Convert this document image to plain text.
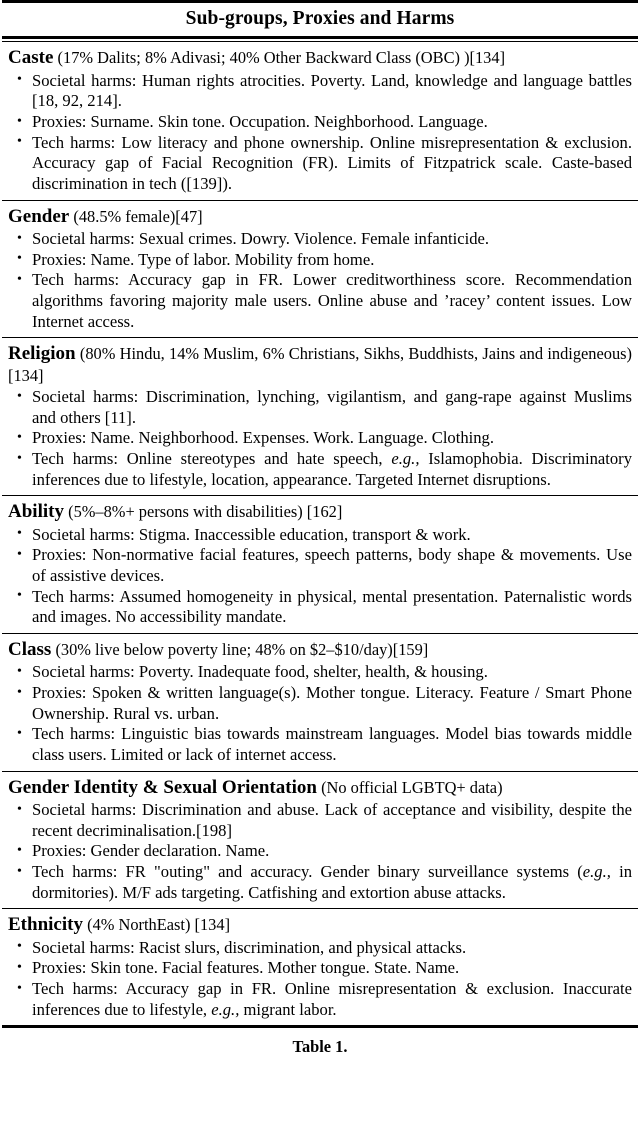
Sub-groups, Proxies and Harms
Caste (17% Dalits; 8% Adivasi; 40% Other Backward Class (OBC) )[134]
• Societal harms: Human rights atrocities. Poverty. Land, knowledge and language battles [18, 92, 214].
• Proxies: Surname. Skin tone. Occupation. Neighborhood. Language.
• Tech harms: Low literacy and phone ownership. Online misrepresentation & exclusion. Accuracy gap of Facial Recognition (FR). Limits of Fitzpatrick scale. Caste-based discrimination in tech ([139]).
Gender (48.5% female)[47]
• Societal harms: Sexual crimes. Dowry. Violence. Female infanticide.
• Proxies: Name. Type of labor. Mobility from home.
• Tech harms: Accuracy gap in FR. Lower creditworthiness score. Recommendation algorithms favoring majority male users. Online abuse and ’racey’ content issues. Low Internet access.
Religion (80% Hindu, 14% Muslim, 6% Christians, Sikhs, Buddhists, Jains and indigeneous) [134]
• Societal harms: Discrimination, lynching, vigilantism, and gang-rape against Muslims and others [11].
• Proxies: Name. Neighborhood. Expenses. Work. Language. Clothing.
• Tech harms: Online stereotypes and hate speech, e.g., Islamophobia. Discriminatory inferences due to lifestyle, location, appearance. Targeted Internet disruptions.
Ability (5%–8%+ persons with disabilities) [162]
• Societal harms: Stigma. Inaccessible education, transport & work.
• Proxies: Non-normative facial features, speech patterns, body shape & movements. Use of assistive devices.
• Tech harms: Assumed homogeneity in physical, mental presentation. Paternalistic words and images. No accessibility mandate.
Class (30% live below poverty line; 48% on $2–$10/day)[159]
• Societal harms: Poverty. Inadequate food, shelter, health, & housing.
• Proxies: Spoken & written language(s). Mother tongue. Literacy. Feature / Smart Phone Ownership. Rural vs. urban.
• Tech harms: Linguistic bias towards mainstream languages. Model bias towards middle class users. Limited or lack of internet access.
Gender Identity & Sexual Orientation (No official LGBTQ+ data)
• Societal harms: Discrimination and abuse. Lack of acceptance and visibility, despite the recent decriminalisation.[198]
• Proxies: Gender declaration. Name.
• Tech harms: FR "outing" and accuracy. Gender binary surveillance systems (e.g., in dormitories). M/F ads targeting. Catfishing and extortion abuse attacks.
Ethnicity (4% NorthEast) [134]
• Societal harms: Racist slurs, discrimination, and physical attacks.
• Proxies: Skin tone. Facial features. Mother tongue. State. Name.
• Tech harms: Accuracy gap in FR. Online misrepresentation & exclusion. Inaccurate inferences due to lifestyle, e.g., migrant labor.
Table 1.
